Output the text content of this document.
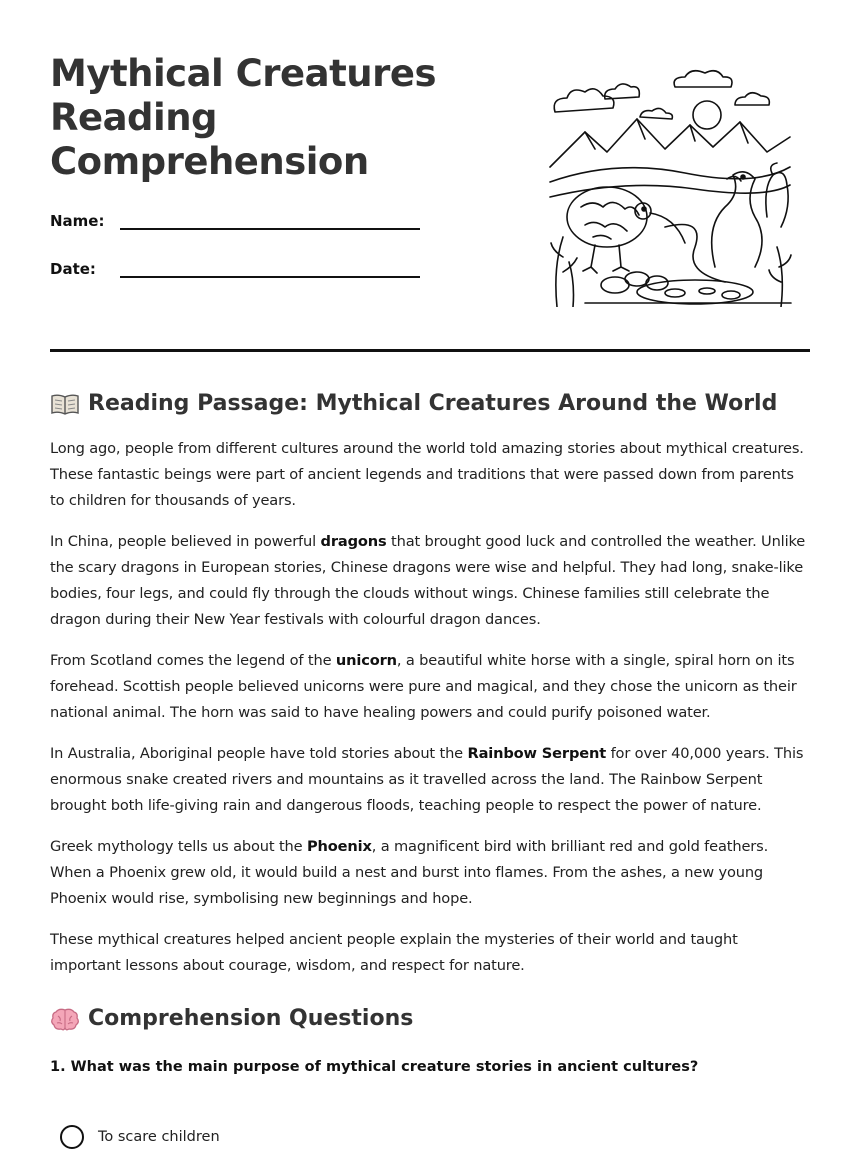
Mythical Creatures
Reading
Comprehension
Name:
Date:
Reading Passage: Mythical Creatures Around the World

Long ago, people from different cultures around the world told amazing stories about mythical creatures. These fantastic beings were part of ancient legends and traditions that were passed down from parents to children for thousands of years.

In China, people believed in powerful dragons that brought good luck and controlled the weather. Unlike the scary dragons in European stories, Chinese dragons were wise and helpful. They had long, snake-like bodies, four legs, and could fly through the clouds without wings. Chinese families still celebrate the dragon during their New Year festivals with colourful dragon dances.

From Scotland comes the legend of the unicorn, a beautiful white horse with a single, spiral horn on its forehead. Scottish people believed unicorns were pure and magical, and they chose the unicorn as their national animal. The horn was said to have healing powers and could purify poisoned water.

In Australia, Aboriginal people have told stories about the Rainbow Serpent for over 40,000 years. This enormous snake created rivers and mountains as it travelled across the land. The Rainbow Serpent brought both life-giving rain and dangerous floods, teaching people to respect the power of nature.

Greek mythology tells us about the Phoenix, a magnificent bird with brilliant red and gold feathers. When a Phoenix grew old, it would build a nest and burst into flames. From the ashes, a new young Phoenix would rise, symbolising new beginnings and hope.

These mythical creatures helped ancient people explain the mysteries of their world and taught important lessons about courage, wisdom, and respect for nature.

Comprehension Questions

1. What was the main purpose of mythical creature stories in ancient cultures?

To scare children
